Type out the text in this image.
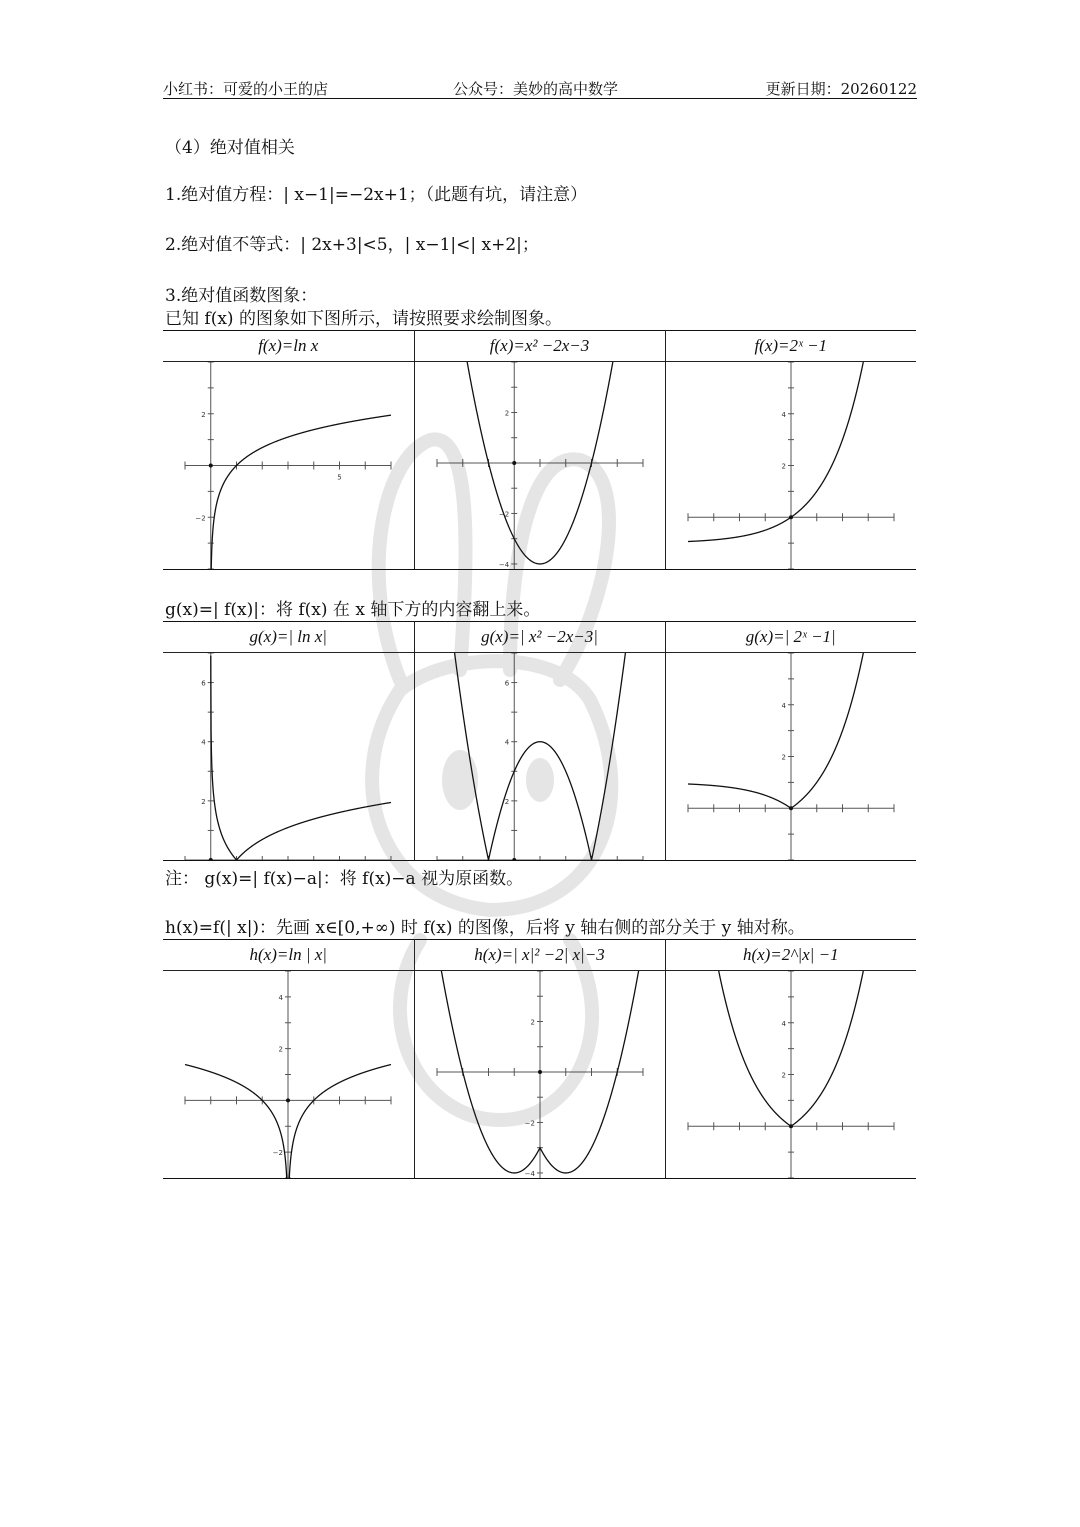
小红书：可爱的小王的店	公众号：美妙的高中数学	更新日期：20260122
（4）绝对值相关
1.绝对值方程：| x−1|=−2x+1；（此题有坑，请注意）
2.绝对值不等式：| 2x+3|<5，| x−1|<| x+2|；
3.绝对值函数图象：
已知 f(x) 的图象如下图所示，请按照要求绘制图象。
f(x)=ln x	f(x)=x² −2x−3	f(x)=2ˣ −1

2
−2
5	2
−2
−4	4
2
g(x)=| f(x)|：将 f(x) 在 x 轴下方的内容翻上来。
g(x)=| ln x|	g(x)=| x² −2x−3|	g(x)=| 2ˣ −1|

6
4
2	6
4
2	4
2
注： g(x)=| f(x)−a|：将 f(x)−a 视为原函数。
h(x)=f(| x|)：先画 x∈[0,+∞) 时 f(x) 的图像，后将 y 轴右侧的部分关于 y 轴对称。
h(x)=ln | x|	h(x)=| x|² −2| x|−3	h(x)=2^|x| −1

4
2
−2	2
−2
−4	4
2
